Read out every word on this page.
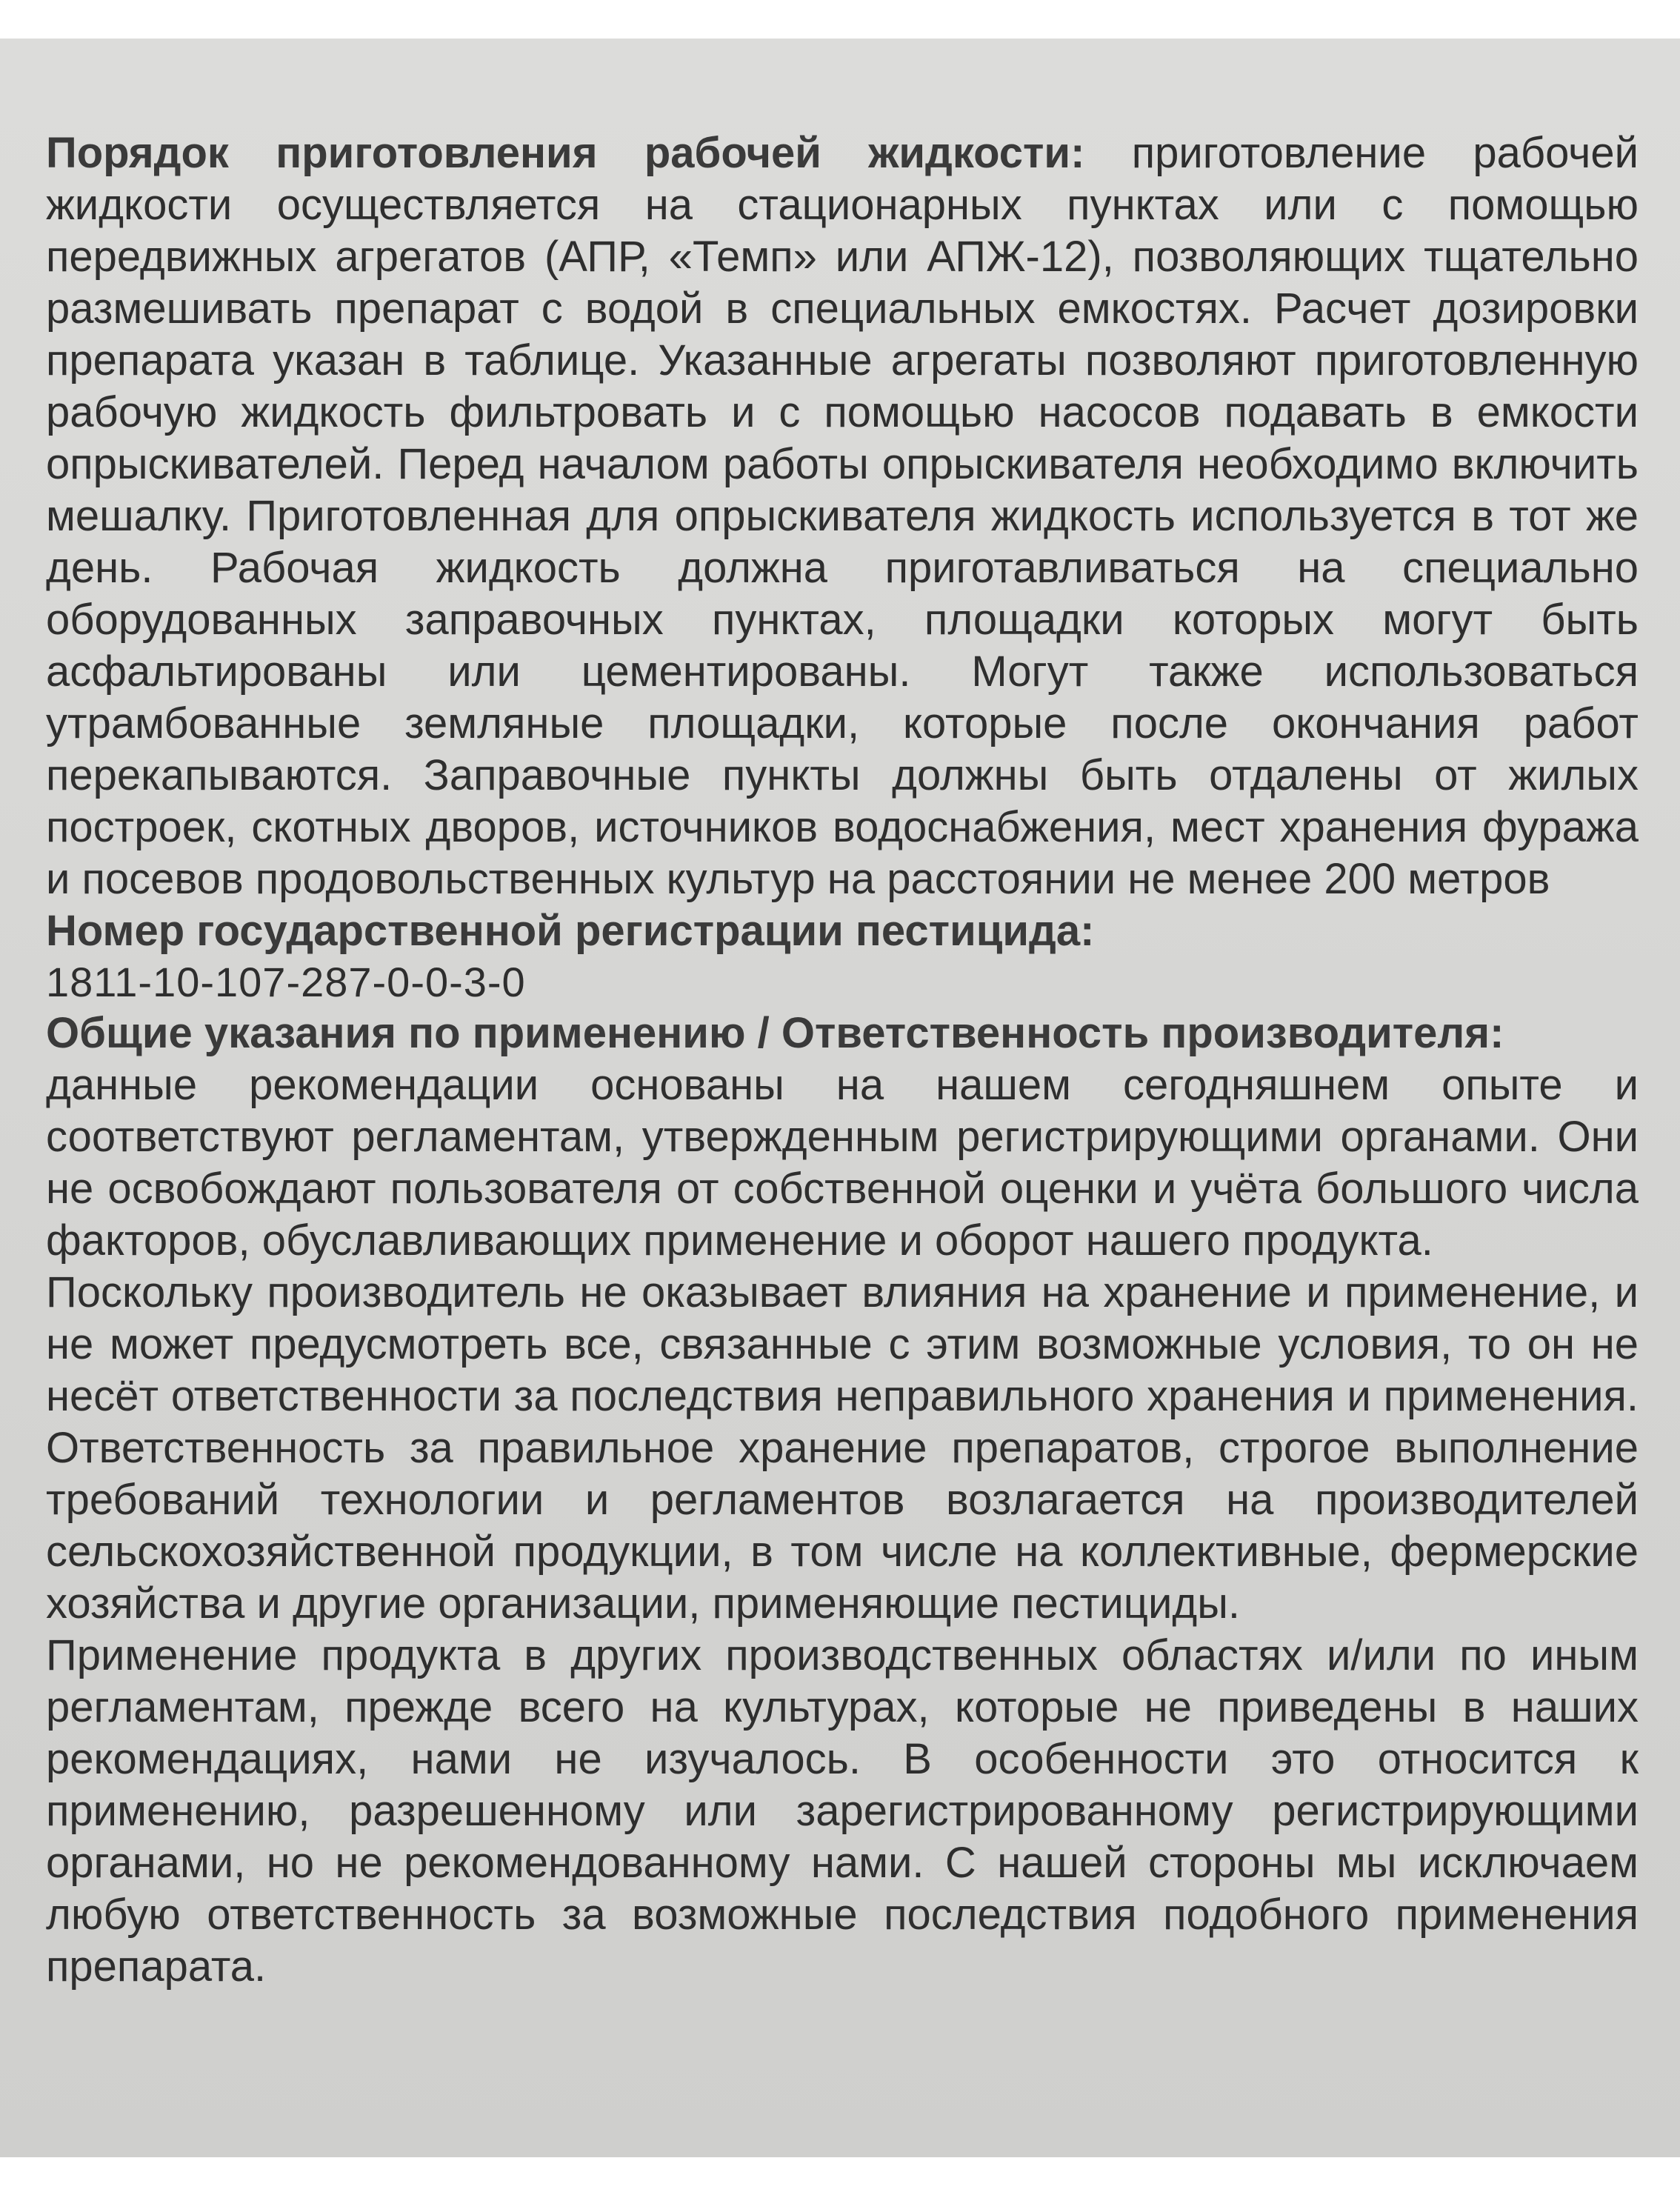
Порядок приготовления рабочей жидкости: приготовление рабочей жидкости осуществляется на стационарных пунктах или с помощью передвижных агрегатов (АПР, «Темп» или АПЖ-12), позволяющих тщательно размешивать препарат с водой в специальных емкостях. Расчет дозировки препарата указан в таблице. Указанные агрегаты позволяют приготовленную рабочую жидкость фильтровать и с помощью насосов подавать в емкости опрыскивателей. Перед началом работы опрыскивателя необходимо включить мешалку. Приготовленная для опрыскивателя жидкость используется в тот же день. Рабочая жидкость должна приготавливаться на специально оборудованных заправочных пунктах, площадки которых могут быть асфальтированы или цементированы. Могут также использоваться утрамбованные земляные площадки, которые после окончания работ перекапываются. Заправочные пункты должны быть отдалены от жилых построек, скотных дворов, источников водоснабжения, мест хранения фуража и посевов продовольственных культур на расстоянии не менее 200 метров

Номер государственной регистрации пестицида:

1811-10-107-287-0-0-3-0

Общие указания по применению / Ответственность производителя:

данные рекомендации основаны на нашем сегодняшнем опыте и соответствуют регламентам, утвержденным регистрирующими органами. Они не освобождают пользователя от собственной оценки и учёта большого числа факторов, обуславливающих применение и оборот нашего продукта.

Поскольку производитель не оказывает влияния на хранение и применение, и не может предусмотреть все, связанные с этим возможные условия, то он не несёт ответственности за последствия неправильного хранения и применения. Ответственность за правильное хранение препаратов, строгое выполнение требований технологии и регламентов возлагается на производителей сельскохозяйственной продукции, в том числе на коллективные, фермерские хозяйства и другие организации, применяющие пестициды.

Применение продукта в других производственных областях и/или по иным регламентам, прежде всего на культурах, которые не приведены в наших рекомендациях, нами не изучалось. В особенности это относится к применению, разрешенному или зарегистрированному регистрирующими органами, но не рекомендованному нами. С нашей стороны мы исключаем любую ответственность за возможные последствия подобного применения препарата.
